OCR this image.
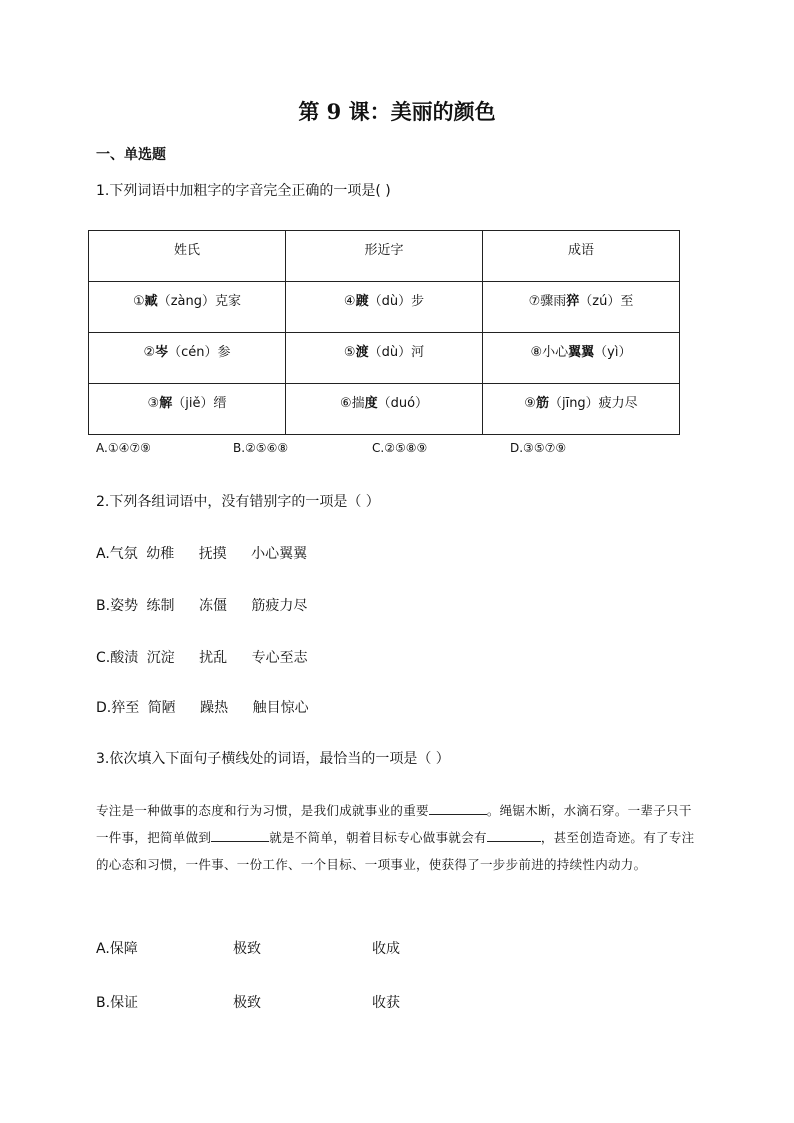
第 9 课：美丽的颜色
一、单选题
1.下列词语中加粗字的字音完全正确的一项是( )
姓氏	形近字	成语
①臧（zàng）克家	④踱（dù）步	⑦骤雨猝（zú）至
②岑（cén）参	⑤渡（dù）河	⑧小心翼翼（yì）
③解（jiě）缙	⑥揣度（duó）	⑨筋（jīng）疲力尽
A.①④⑦⑨	B.②⑤⑥⑧	C.②⑤⑧⑨	D.③⑤⑦⑨
2.下列各组词语中，没有错别字的一项是（ ）
A.气氛 幼稚 抚摸 小心翼翼
B.姿势 练制 冻僵 筋疲力尽
C.酸渍 沉淀 扰乱 专心至志
D.猝至 简陋 躁热 触目惊心
3.依次填入下面句子横线处的词语，最恰当的一项是（ ）
专注是一种做事的态度和行为习惯，是我们成就事业的重要	。绳锯木断，水滴石穿。一辈子只干一件事，把简单做到	就是不简单，朝着目标专心做事就会有	，甚至创造奇迹。有了专注的心态和习惯，一件事、一份工作、一个目标、一项事业，使获得了一步步前进的持续性内动力。
A.保障	极致	收成
B.保证	极致	收获
